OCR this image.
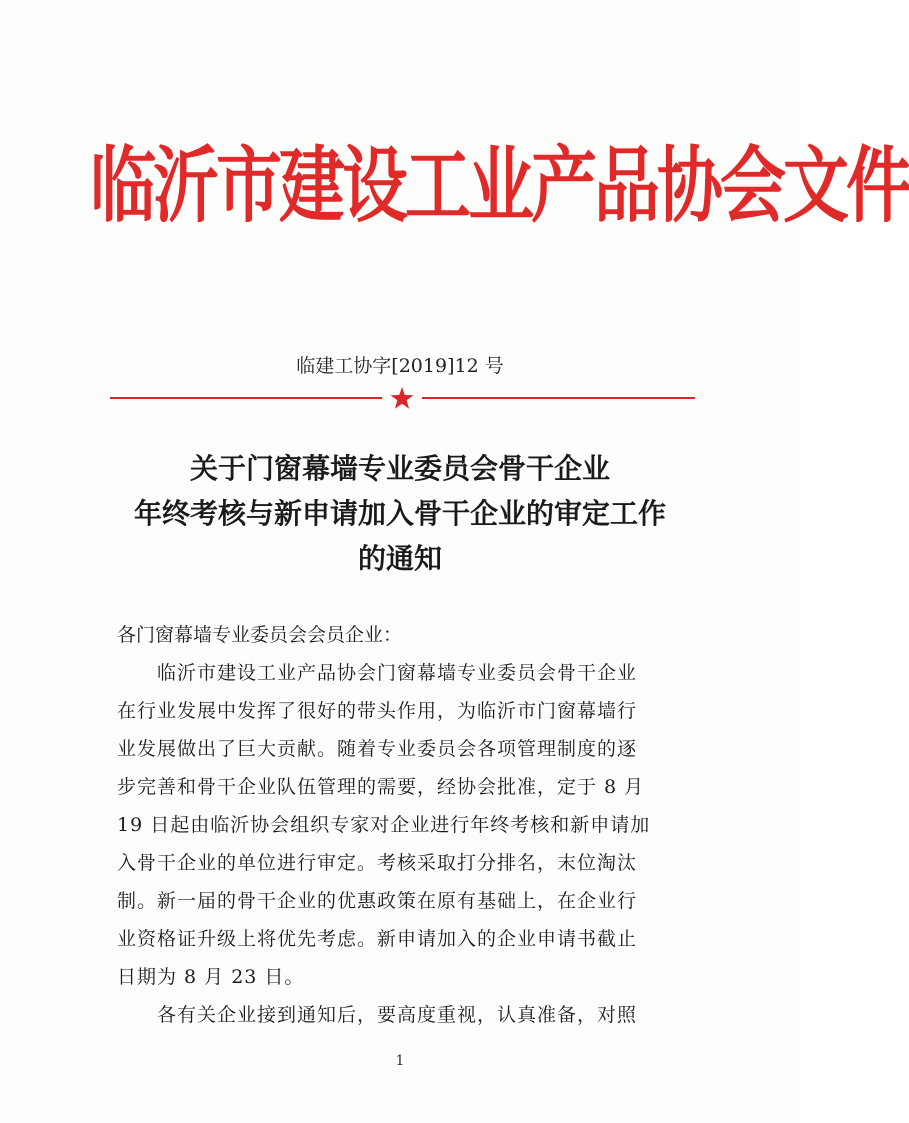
临沂市建设工业产品协会文件
临建工协字[2019]12 号
关于门窗幕墙专业委员会骨干企业
年终考核与新申请加入骨干企业的审定工作
的通知
各门窗幕墙专业委员会会员企业：
临沂市建设工业产品协会门窗幕墙专业委员会骨干企业
在行业发展中发挥了很好的带头作用，为临沂市门窗幕墙行
业发展做出了巨大贡献。随着专业委员会各项管理制度的逐
步完善和骨干企业队伍管理的需要，经协会批准，定于 8 月
19 日起由临沂协会组织专家对企业进行年终考核和新申请加
入骨干企业的单位进行审定。考核采取打分排名，末位淘汰
制。新一届的骨干企业的优惠政策在原有基础上，在企业行
业资格证升级上将优先考虑。新申请加入的企业申请书截止
日期为 8 月 23 日。
各有关企业接到通知后，要高度重视，认真准备，对照
1
